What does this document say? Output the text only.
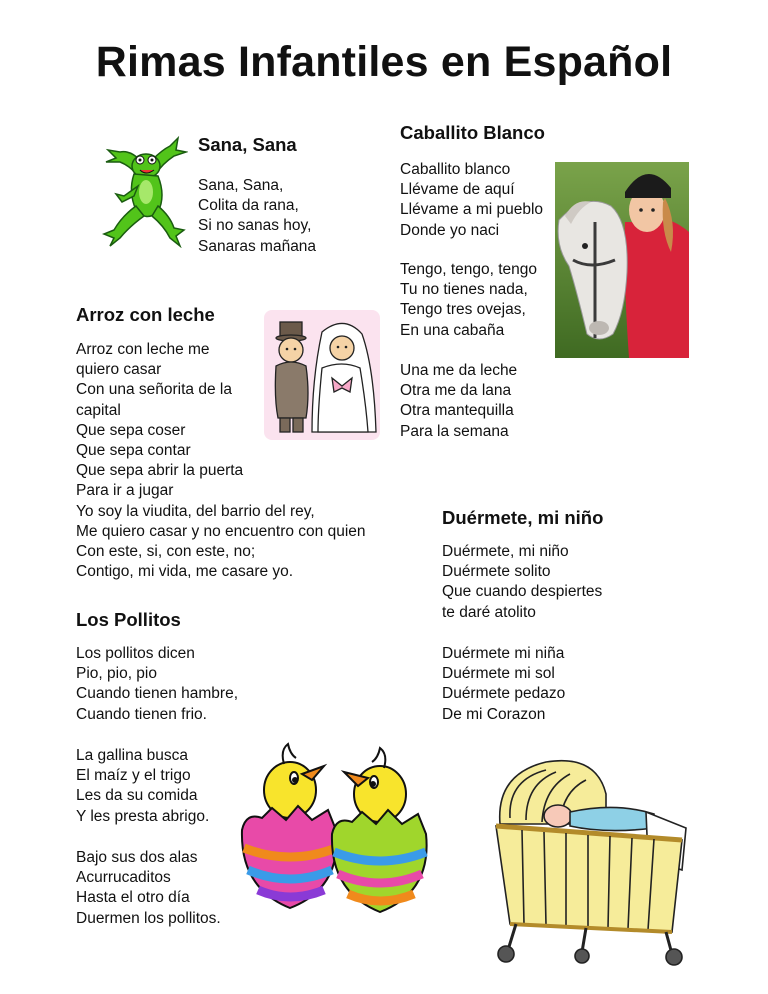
Rimas Infantiles en Español
Sana, Sana
Sana, Sana,
Colita da rana,
Si no sanas hoy,
Sanaras mañana
Arroz con leche
Arroz con leche me
quiero casar
Con una señorita de la
capital
Que sepa coser
Que sepa contar
Que sepa abrir la puerta
Para ir a jugar
Yo soy la viudita, del barrio del rey,
Me quiero casar y no encuentro con quien
Con este, si, con este, no;
Contigo, mi vida, me casare yo.
Los Pollitos
Los pollitos dicen
Pio, pio, pio
Cuando tienen hambre,
Cuando tienen frio.
La gallina busca
El maíz y el trigo
Les da su comida
Y les presta abrigo.
Bajo sus dos alas
Acurrucaditos
Hasta el otro día
Duermen los pollitos.
Caballito Blanco
Caballito blanco
Llévame de aquí
Llévame a mi pueblo
Donde yo naci
Tengo, tengo, tengo
Tu no tienes nada,
Tengo tres ovejas,
En una cabaña
Una me da leche
Otra me da lana
Otra mantequilla
Para la semana
Duérmete, mi niño
Duérmete, mi niño
Duérmete solito
Que cuando despiertes
te daré atolito
Duérmete mi niña
Duérmete mi sol
Duérmete pedazo
De mi Corazon
